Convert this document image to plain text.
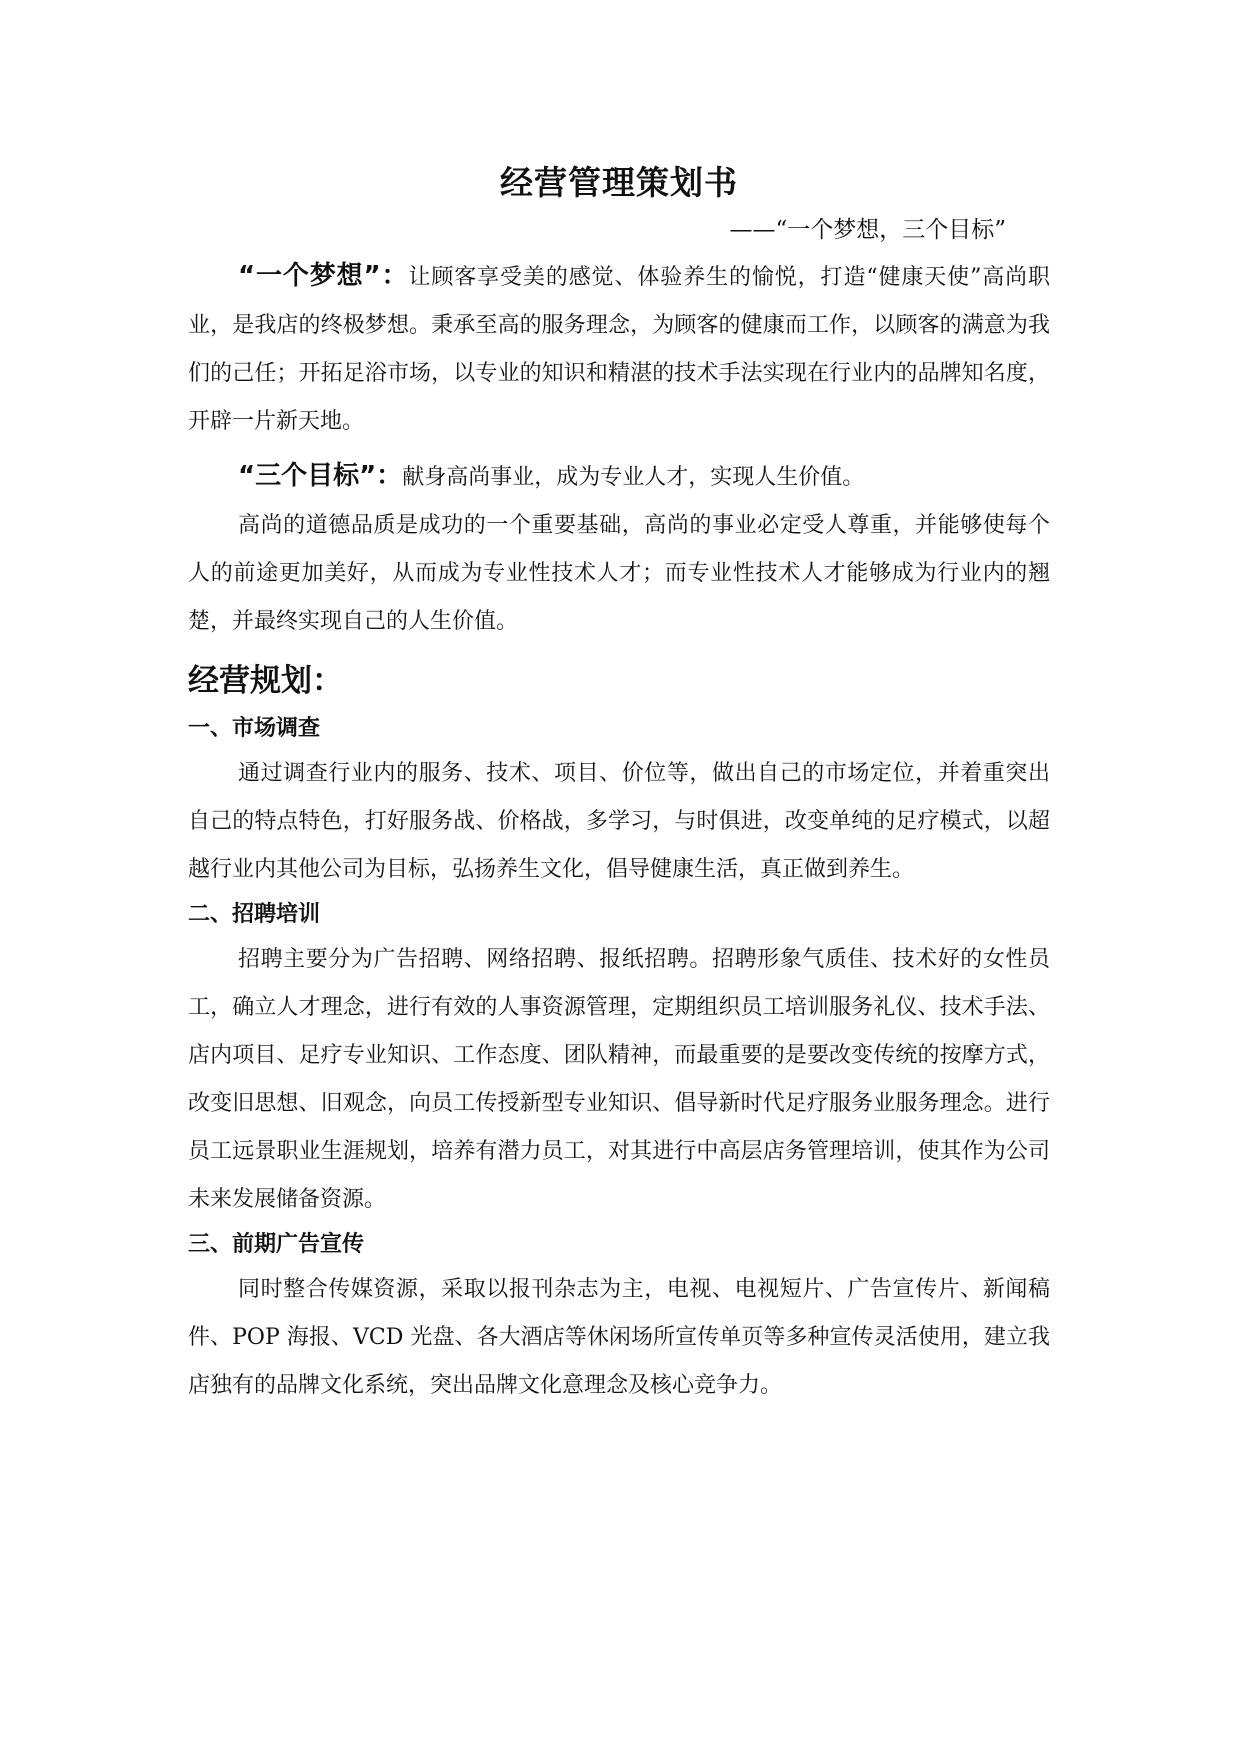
经营管理策划书

——“一个梦想，三个目标”

“一个梦想”：让顾客享受美的感觉、体验养生的愉悦，打造“健康天使”高尚职业，是我店的终极梦想。秉承至高的服务理念，为顾客的健康而工作，以顾客的满意为我们的己任；开拓足浴市场，以专业的知识和精湛的技术手法实现在行业内的品牌知名度，开辟一片新天地。

“三个目标”：献身高尚事业，成为专业人才，实现人生价值。

高尚的道德品质是成功的一个重要基础，高尚的事业必定受人尊重，并能够使每个人的前途更加美好，从而成为专业性技术人才；而专业性技术人才能够成为行业内的翘楚，并最终实现自己的人生价值。

经营规划：
一、市场调查

通过调查行业内的服务、技术、项目、价位等，做出自己的市场定位，并着重突出自己的特点特色，打好服务战、价格战，多学习，与时俱进，改变单纯的足疗模式，以超越行业内其他公司为目标，弘扬养生文化，倡导健康生活，真正做到养生。

二、招聘培训

招聘主要分为广告招聘、网络招聘、报纸招聘。招聘形象气质佳、技术好的女性员工，确立人才理念，进行有效的人事资源管理，定期组织员工培训服务礼仪、技术手法、店内项目、足疗专业知识、工作态度、团队精神，而最重要的是要改变传统的按摩方式，改变旧思想、旧观念，向员工传授新型专业知识、倡导新时代足疗服务业服务理念。进行员工远景职业生涯规划，培养有潜力员工，对其进行中高层店务管理培训，使其作为公司未来发展储备资源。

三、前期广告宣传

同时整合传媒资源，采取以报刊杂志为主，电视、电视短片、广告宣传片、新闻稿件、POP 海报、VCD 光盘、各大酒店等休闲场所宣传单页等多种宣传灵活使用，建立我店独有的品牌文化系统，突出品牌文化意理念及核心竞争力。
